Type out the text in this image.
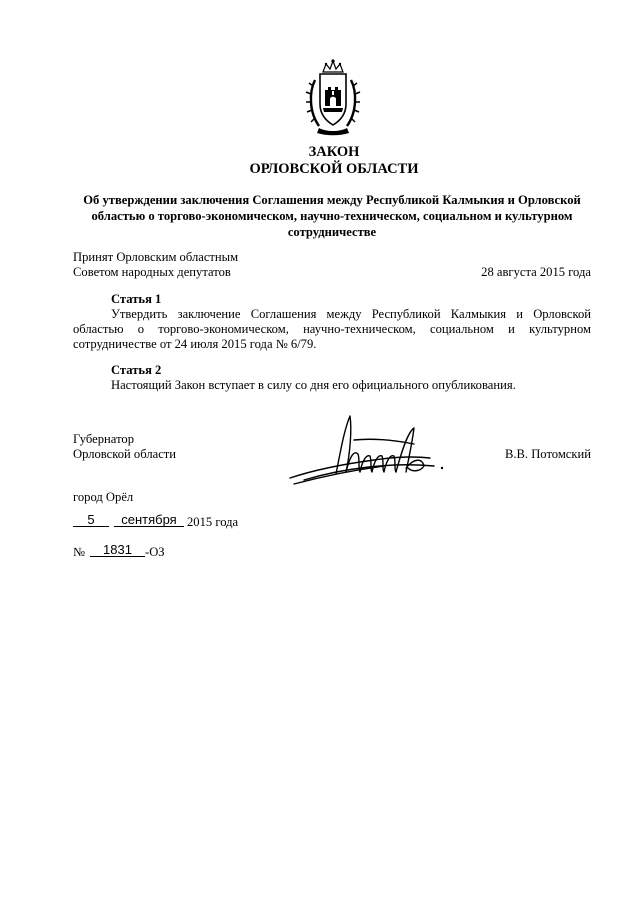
ЗАКОН
ОРЛОВСКОЙ ОБЛАСТИ
Об утверждении заключения Соглашения между Республикой Калмыкия и Орловской
областью о торгово-экономическом, научно-техническом, социальном и культурном
сотрудничестве
Принят Орловским областным
Советом народных депутатов	28 августа 2015 года
Статья 1
Утвердить заключение Соглашения между Республикой Калмыкия и Орловской
областью о торгово-экономическом, научно-техническом, социальном и культурном
сотрудничестве от 24 июля 2015 года № 6/79.
Статья 2
Настоящий Закон вступает в силу со дня его официального опубликования.
Губернатор
Орловской области	В.В. Потомский
город Орёл
5	сентября 2015 года
№	1831	-ОЗ
